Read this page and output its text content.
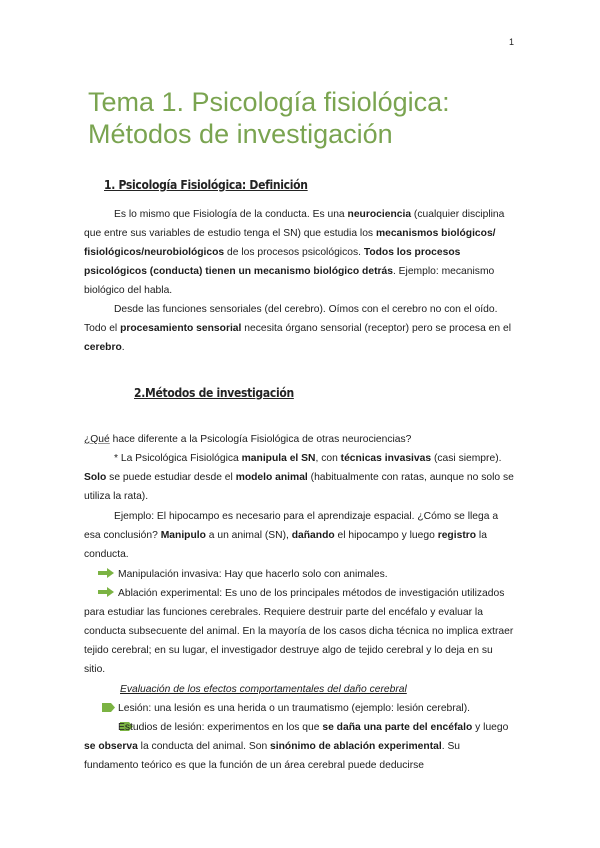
1
Tema 1. Psicología fisiológica:
Métodos de investigación
1. Psicología Fisiológica: Definición

Es lo mismo que Fisiología de la conducta. Es una neurociencia (cualquier disciplina que entre sus variables de estudio tenga el SN) que estudia los mecanismos biológicos/ fisiológicos/neurobiológicos de los procesos psicológicos. Todos los procesos psicológicos (conducta) tienen un mecanismo biológico detrás. Ejemplo: mecanismo biológico del habla.

Desde las funciones sensoriales (del cerebro). Oímos con el cerebro no con el oído. Todo el procesamiento sensorial necesita órgano sensorial (receptor) pero se procesa en el cerebro.

2.Métodos de investigación

¿Qué hace diferente a la Psicología Fisiológica de otras neurociencias?

* La Psicológica Fisiológica manipula el SN, con técnicas invasivas (casi siempre). Solo se puede estudiar desde el modelo animal (habitualmente con ratas, aunque no solo se utiliza la rata).

Ejemplo: El hipocampo es necesario para el aprendizaje espacial. ¿Cómo se llega a esa conclusión? Manipulo a un animal (SN), dañando el hipocampo y luego registro la conducta.

Manipulación invasiva: Hay que hacerlo solo con animales.

Ablación experimental: Es uno de los principales métodos de investigación utilizados para estudiar las funciones cerebrales. Requiere destruir parte del encéfalo y evaluar la conducta subsecuente del animal. En la mayoría de los casos dicha técnica no implica extraer tejido cerebral; en su lugar, el investigador destruye algo de tejido cerebral y lo deja en su sitio.

Evaluación de los efectos comportamentales del daño cerebral

Lesión: una lesión es una herida o un traumatismo (ejemplo: lesión cerebral).

Estudios de lesión: experimentos en los que se daña una parte del encéfalo y luego se observa la conducta del animal. Son sinónimo de ablación experimental. Su fundamento teórico es que la función de un área cerebral puede deducirse
